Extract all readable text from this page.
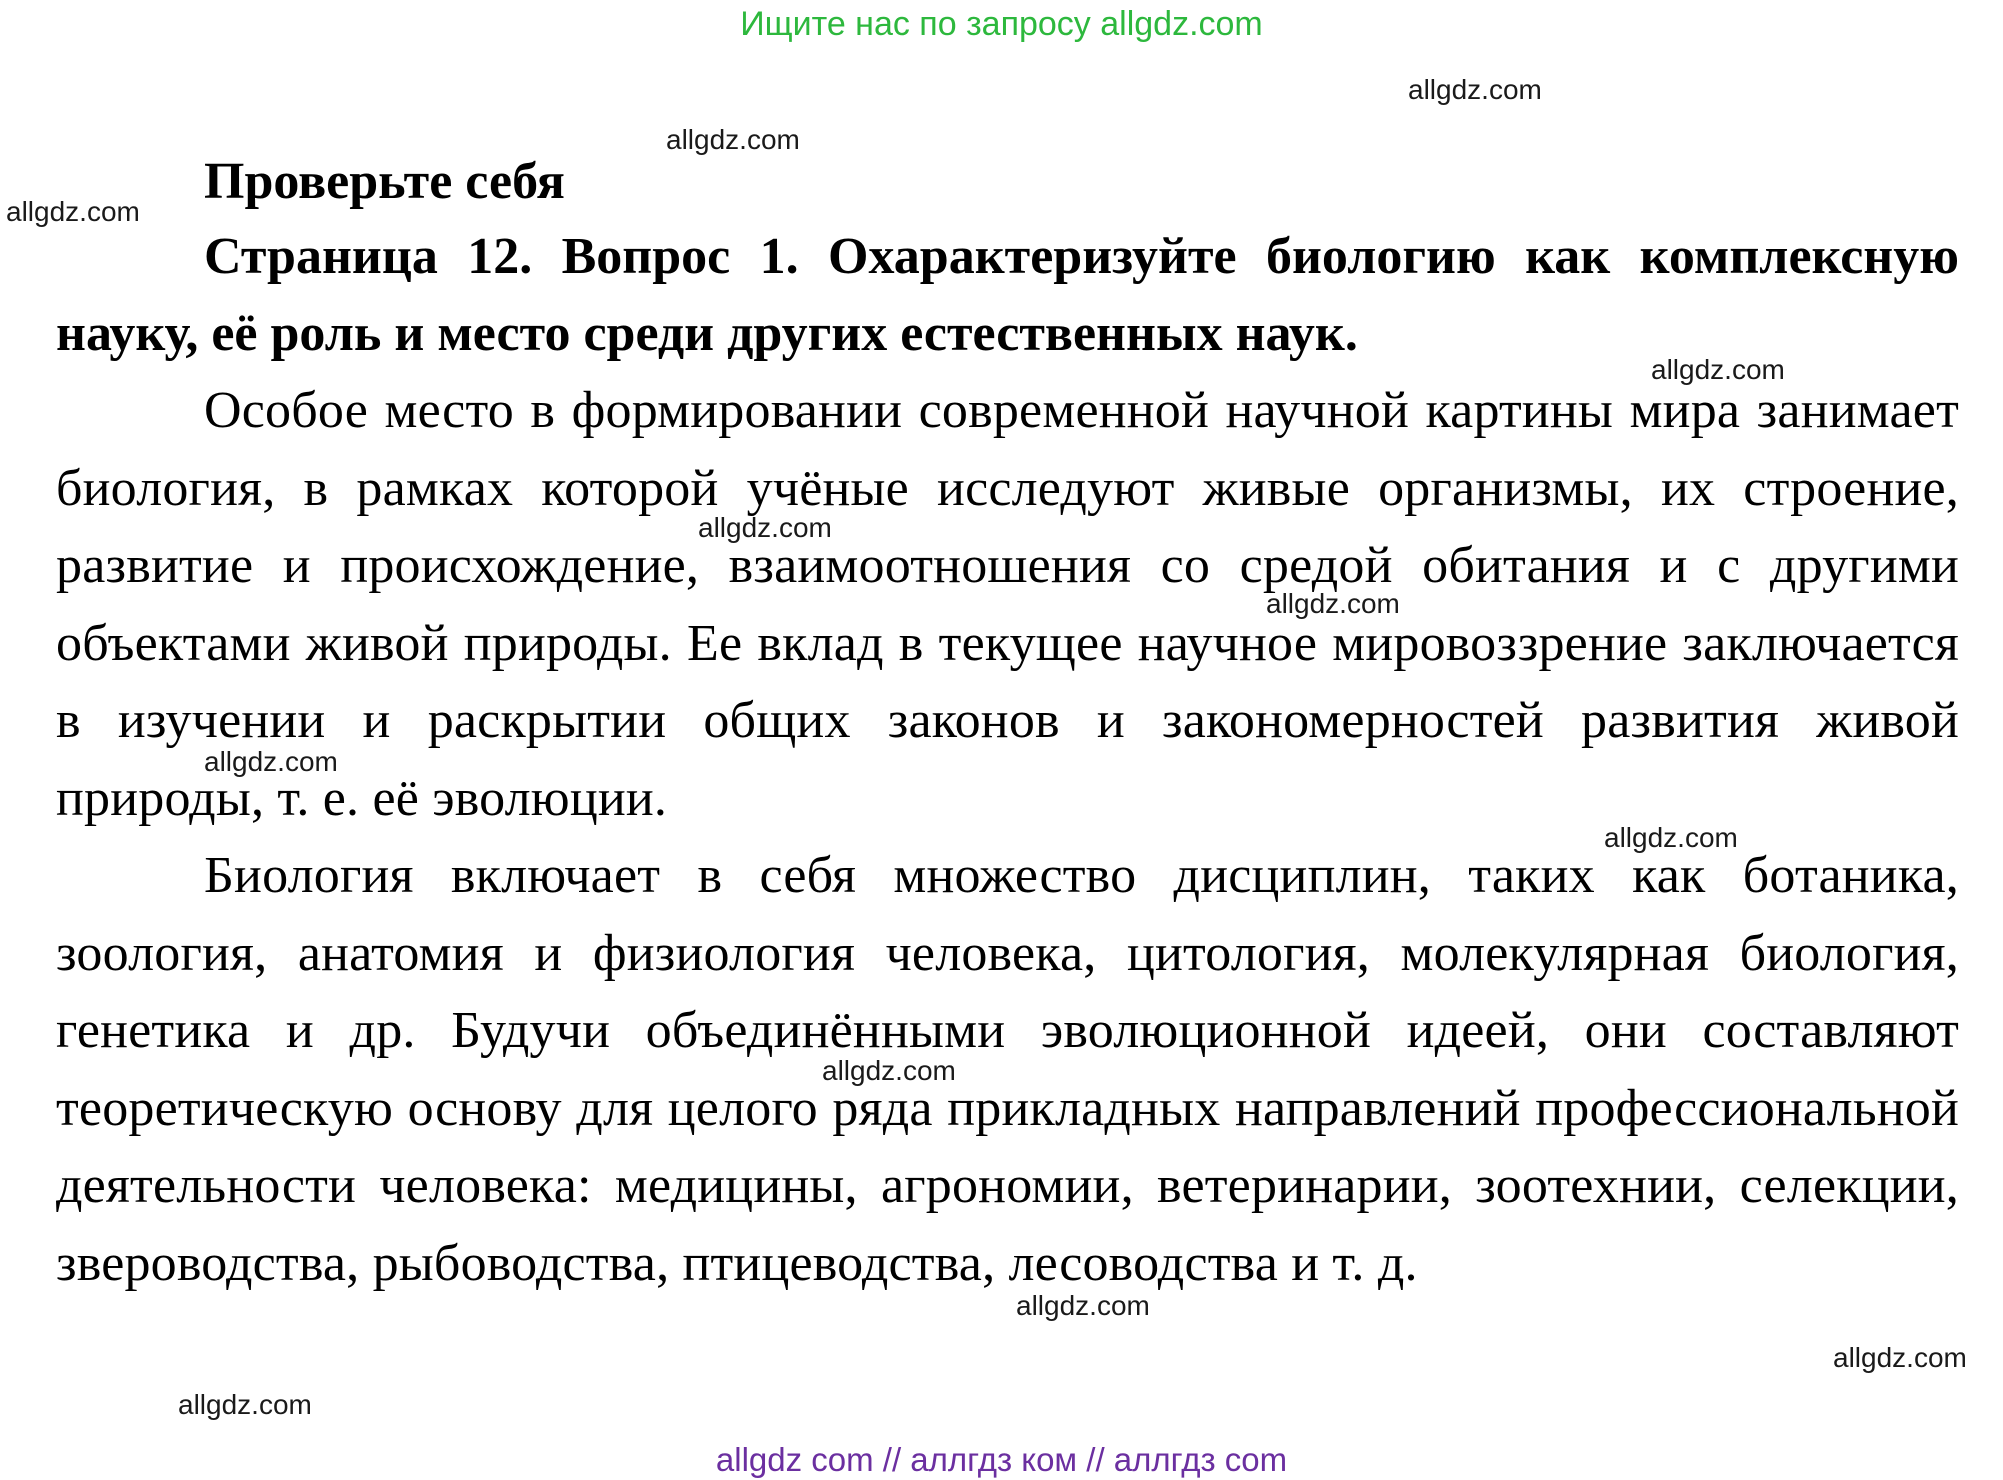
Ищите нас по запросу allgdz.com

Проверьте себя

Страница 12. Вопрос 1. Охарактеризуйте биологию как комплексную науку, её роль и место среди других естественных наук.

Особое место в формировании современной научной картины мира занимает биология, в рамках которой учёные исследуют живые организмы, их строение, развитие и происхождение, взаимоотношения со средой обитания и с другими объектами живой природы. Ее вклад в текущее научное мировоззрение заключается в изучении и раскрытии общих законов и закономерностей развития живой природы, т. е. её эволюции.

Биология включает в себя множество дисциплин, таких как ботаника, зоология, анатомия и физиология человека, цитология, молекулярная биология, генетика и др. Будучи объединёнными эволюционной идеей, они составляют теоретическую основу для целого ряда прикладных направлений профессиональной деятельности человека: медицины, агрономии, ветеринарии, зоотехнии, селекции, звероводства, рыбоводства, птицеводства, лесоводства и т. д.

allgdz.com
allgdz.com
allgdz.com
allgdz.com
allgdz.com
allgdz.com
allgdz.com
allgdz.com
allgdz.com
allgdz.com
allgdz.com
allgdz.com
allgdz com // аллгдз ком // аллгдз com
